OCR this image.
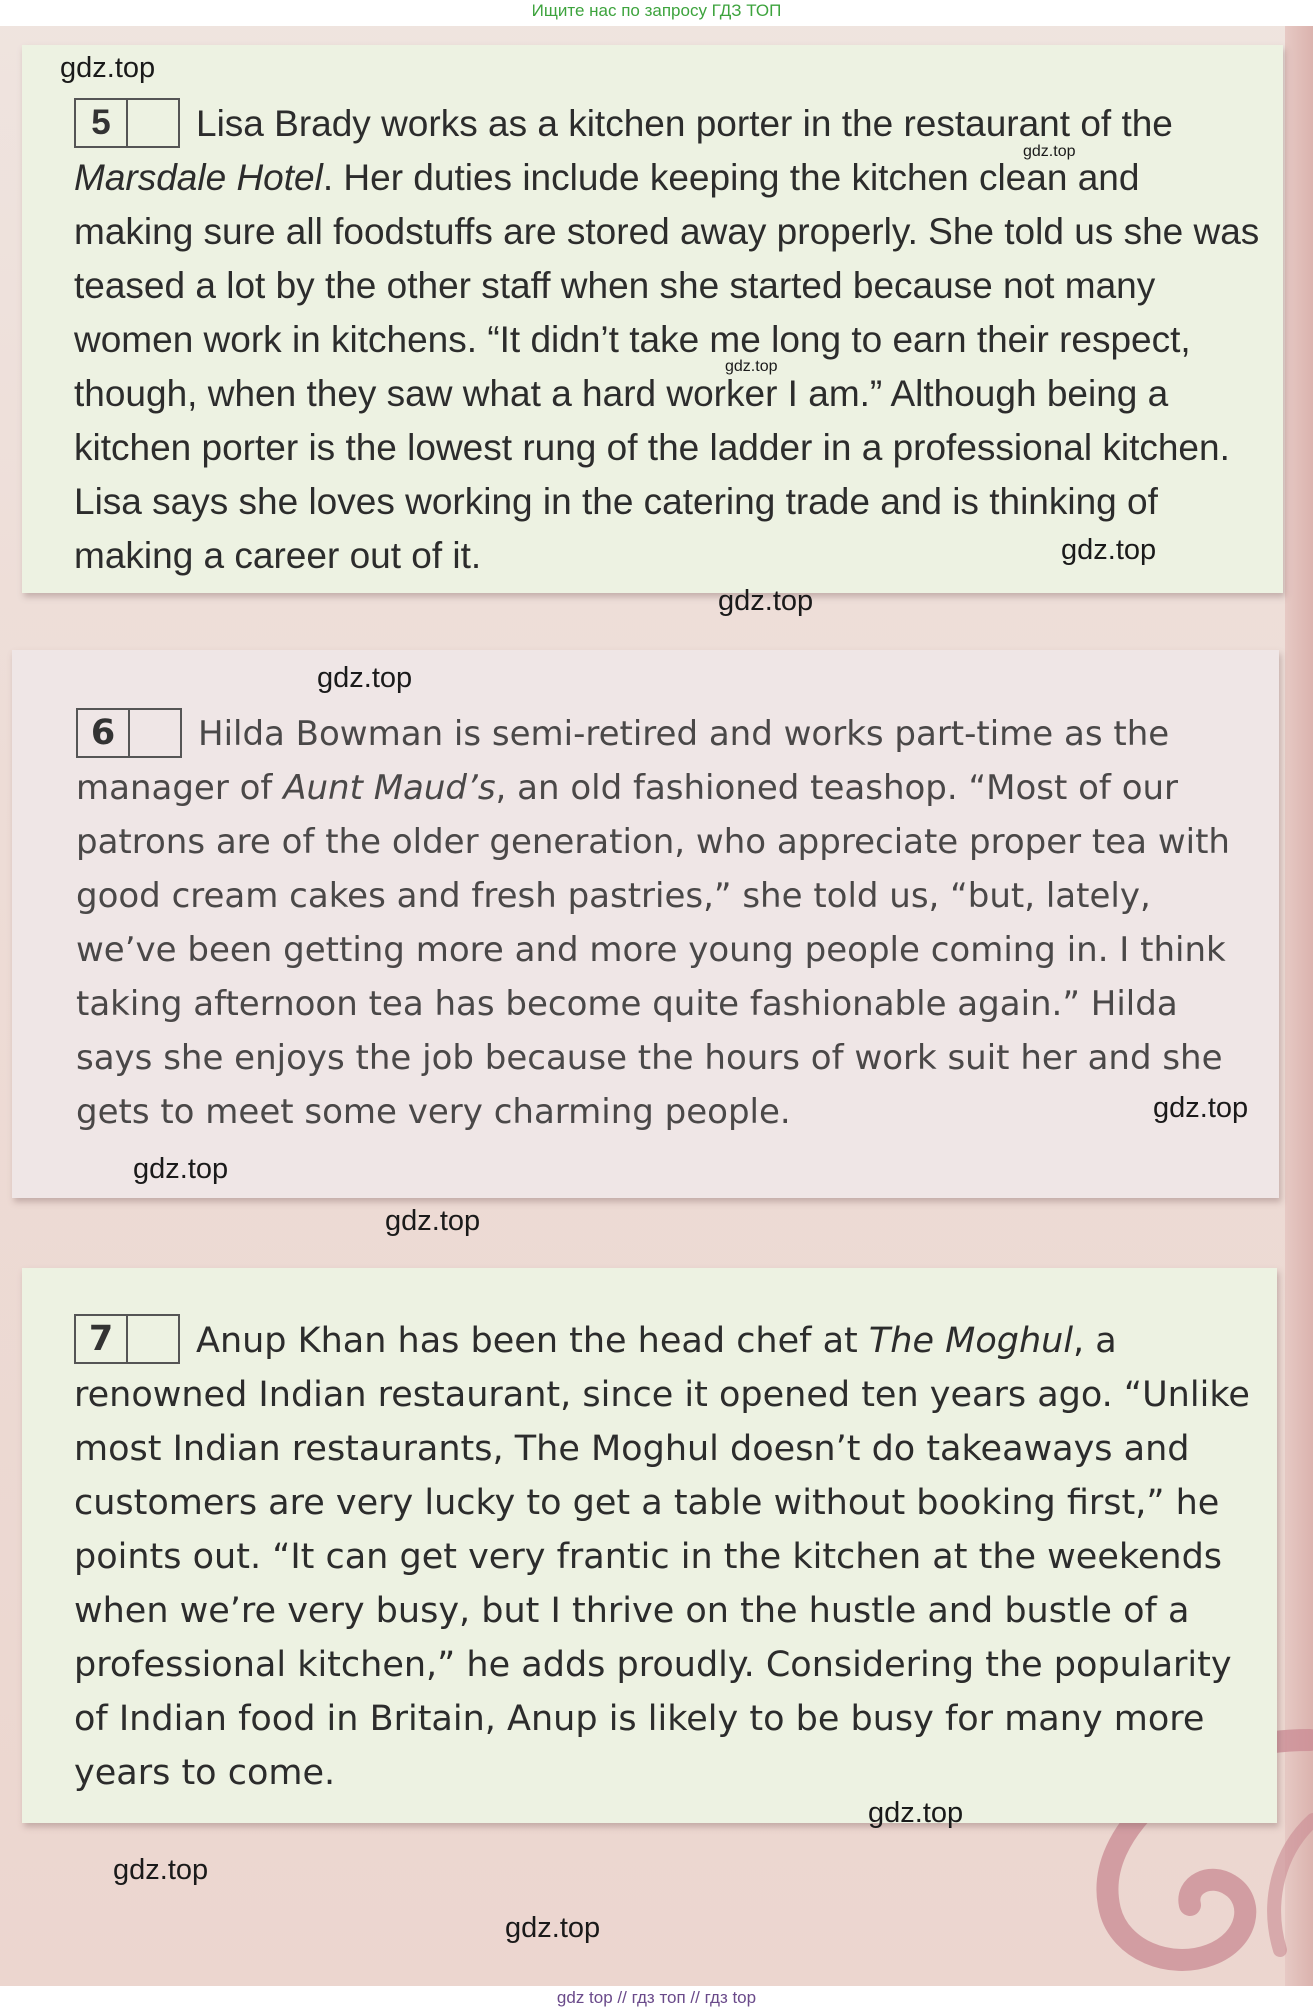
Ищите нас по запросу ГДЗ ТОП

5 Lisa Brady works as a kitchen porter in the restaurant of the Marsdale Hotel. Her duties include keeping the kitchen clean and making sure all foodstuffs are stored away properly. She told us she was teased a lot by the other staff when she started because not many women work in kitchens. “It didn’t take me long to earn their respect, though, when they saw what a hard worker I am.” Although being a kitchen porter is the lowest rung of the ladder in a professional kitchen. Lisa says she loves working in the catering trade and is thinking of making a career out of it.

6 Hilda Bowman is semi-retired and works part-time as the manager of Aunt Maud’s, an old fashioned teashop. “Most of our patrons are of the older generation, who appreciate proper tea with good cream cakes and fresh pastries,” she told us, “but, lately, we’ve been getting more and more young people coming in. I think taking afternoon tea has become quite fashionable again.” Hilda says she enjoys the job because the hours of work suit her and she gets to meet some very charming people.

7 Anup Khan has been the head chef at The Moghul, a renowned Indian restaurant, since it opened ten years ago. “Unlike most Indian restaurants, The Moghul doesn’t do takeaways and customers are very lucky to get a table without booking first,” he points out. “It can get very frantic in the kitchen at the weekends when we’re very busy, but I thrive on the hustle and bustle of a professional kitchen,” he adds proudly. Considering the popularity of Indian food in Britain, Anup is likely to be busy for many more years to come.

gdz.top
gdz.top
gdz.top
gdz.top
gdz.top
gdz.top
gdz.top
gdz.top
gdz.top
gdz.top
gdz.top
gdz.top
gdz top // гдз топ // гдз top
